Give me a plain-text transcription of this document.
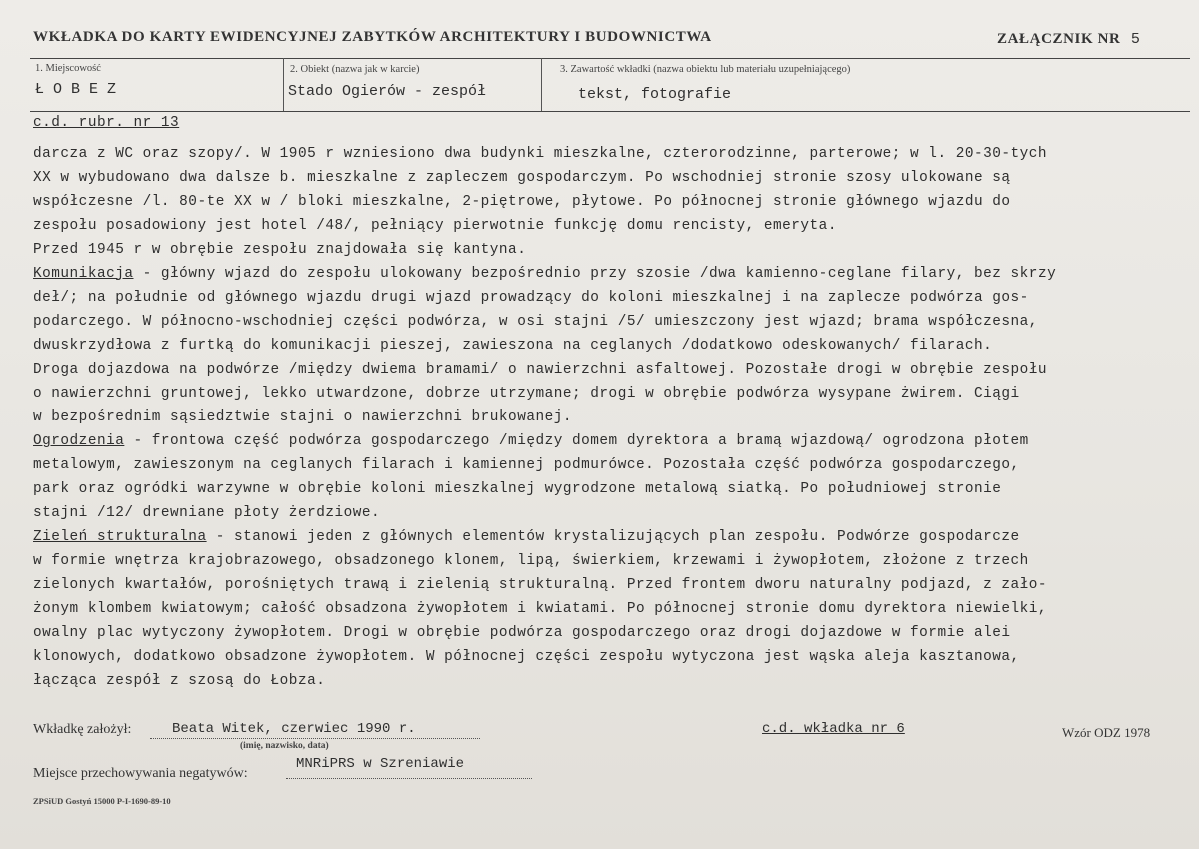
WKŁADKA DO KARTY EWIDENCYJNEJ ZABYTKÓW ARCHITEKTURY I BUDOWNICTWA	ZAŁĄCZNIK NR 5
1. Miejscowość
Ł O B E Z
2. Obiekt (nazwa jak w karcie)
Stado Ogierów - zespół
3. Zawartość wkładki (nazwa obiektu lub materiału uzupełniającego)
tekst, fotografie
c.d. rubr. nr 13
darcza z WC oraz szopy/. W 1905 r wzniesiono dwa budynki mieszkalne, czterorodzinne, parterowe; w l. 20-30-tych
XX w wybudowano dwa dalsze b. mieszkalne z zapleczem gospodarczym. Po wschodniej stronie szosy ulokowane są
współczesne /l. 80-te XX w / bloki mieszkalne, 2-piętrowe, płytowe. Po północnej stronie głównego wjazdu do
zespołu posadowiony jest hotel /48/, pełniący pierwotnie funkcję domu rencisty, emeryta.
Przed 1945 r w obrębie zespołu znajdowała się kantyna.
Komunikacja - główny wjazd do zespołu ulokowany bezpośrednio przy szosie /dwa kamienno-ceglane filary, bez skrzy
deł/; na południe od głównego wjazdu drugi wjazd prowadzący do koloni mieszkalnej i na zaplecze podwórza gos-
podarczego. W północno-wschodniej części podwórza, w osi stajni /5/ umieszczony jest wjazd; brama współczesna,
dwuskrzydłowa z furtką do komunikacji pieszej, zawieszona na ceglanych /dodatkowo odeskowanych/ filarach.
Droga dojazdowa na podwórze /między dwiema bramami/ o nawierzchni asfaltowej. Pozostałe drogi w obrębie zespołu
o nawierzchni gruntowej, lekko utwardzone, dobrze utrzymane; drogi w obrębie podwórza wysypane żwirem. Ciągi
w bezpośrednim sąsiedztwie stajni o nawierzchni brukowanej.
Ogrodzenia - frontowa część podwórza gospodarczego /między domem dyrektora a bramą wjazdową/ ogrodzona płotem
metalowym, zawieszonym na ceglanych filarach i kamiennej podmurówce. Pozostała część podwórza gospodarczego,
park oraz ogródki warzywne w obrębie koloni mieszkalnej wygrodzone metalową siatką. Po południowej stronie
stajni /12/ drewniane płoty żerdziowe.
Zieleń strukturalna - stanowi jeden z głównych elementów krystalizujących plan zespołu. Podwórze gospodarcze
w formie wnętrza krajobrazowego, obsadzonego klonem, lipą, świerkiem, krzewami i żywopłotem, złożone z trzech
zielonych kwartałów, porośniętych trawą i zielenią strukturalną. Przed frontem dworu naturalny podjazd, z zało-
żonym klombem kwiatowym; całość obsadzona żywopłotem i kwiatami. Po północnej stronie domu dyrektora niewielki,
owalny plac wytyczony żywopłotem. Drogi w obrębie podwórza gospodarczego oraz drogi dojazdowe w formie alei
klonowych, dodatkowo obsadzone żywopłotem. W północnej części zespołu wytyczona jest wąska aleja kasztanowa,
łącząca zespół z szosą do Łobza.
Wkładkę założył:	Beata Witek, czerwiec 1990 r.
(imię, nazwisko, data)
c.d. wkładka nr 6	Wzór ODZ 1978
Miejsce przechowywania negatywów:
MNRiPRS w Szreniawie
ZPSiUD Gostyń 15000 P-I-1690-89-10
